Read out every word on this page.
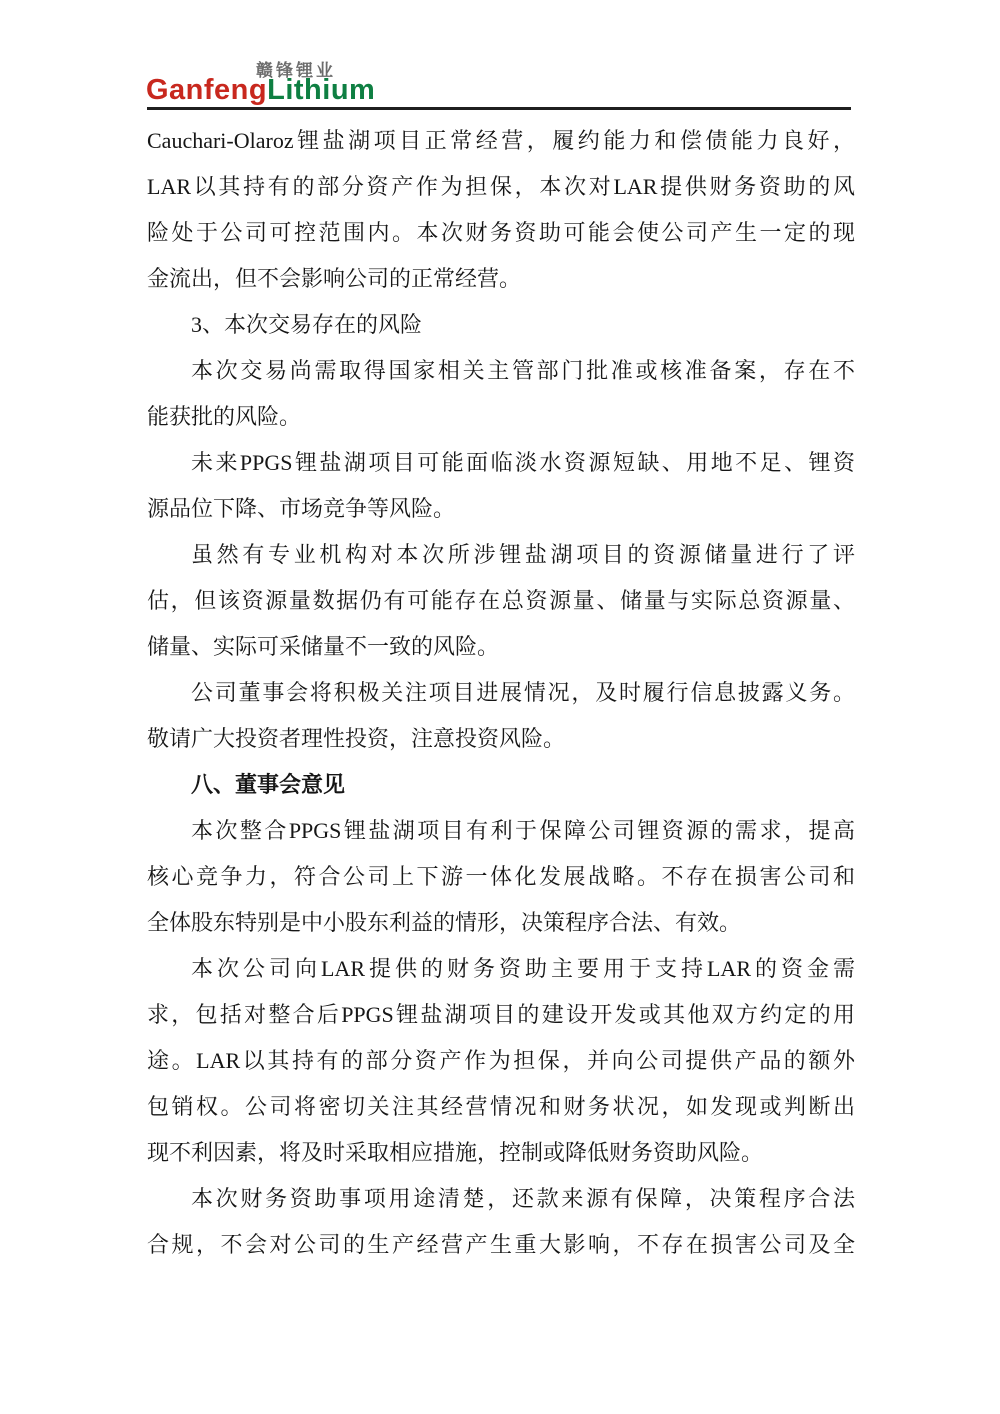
赣锋锂业
GanfengLithium
Cauchari-Olaroz锂盐湖项目正常经营，履约能力和偿债能力良好，
LAR以其持有的部分资产作为担保，本次对LAR提供财务资助的风
险处于公司可控范围内。本次财务资助可能会使公司产生一定的现
金流出，但不会影响公司的正常经营。
3、本次交易存在的风险
本次交易尚需取得国家相关主管部门批准或核准备案，存在不
能获批的风险。
未来PPGS锂盐湖项目可能面临淡水资源短缺、用地不足、锂资
源品位下降、市场竞争等风险。
虽然有专业机构对本次所涉锂盐湖项目的资源储量进行了评
估，但该资源量数据仍有可能存在总资源量、储量与实际总资源量、
储量、实际可采储量不一致的风险。
公司董事会将积极关注项目进展情况，及时履行信息披露义务。
敬请广大投资者理性投资，注意投资风险。
八、董事会意见
本次整合PPGS锂盐湖项目有利于保障公司锂资源的需求，提高
核心竞争力，符合公司上下游一体化发展战略。不存在损害公司和
全体股东特别是中小股东利益的情形，决策程序合法、有效。
本次公司向LAR提供的财务资助主要用于支持LAR的资金需
求，包括对整合后PPGS锂盐湖项目的建设开发或其他双方约定的用
途。LAR以其持有的部分资产作为担保，并向公司提供产品的额外
包销权。公司将密切关注其经营情况和财务状况，如发现或判断出
现不利因素，将及时采取相应措施，控制或降低财务资助风险。
本次财务资助事项用途清楚，还款来源有保障，决策程序合法
合规，不会对公司的生产经营产生重大影响，不存在损害公司及全
